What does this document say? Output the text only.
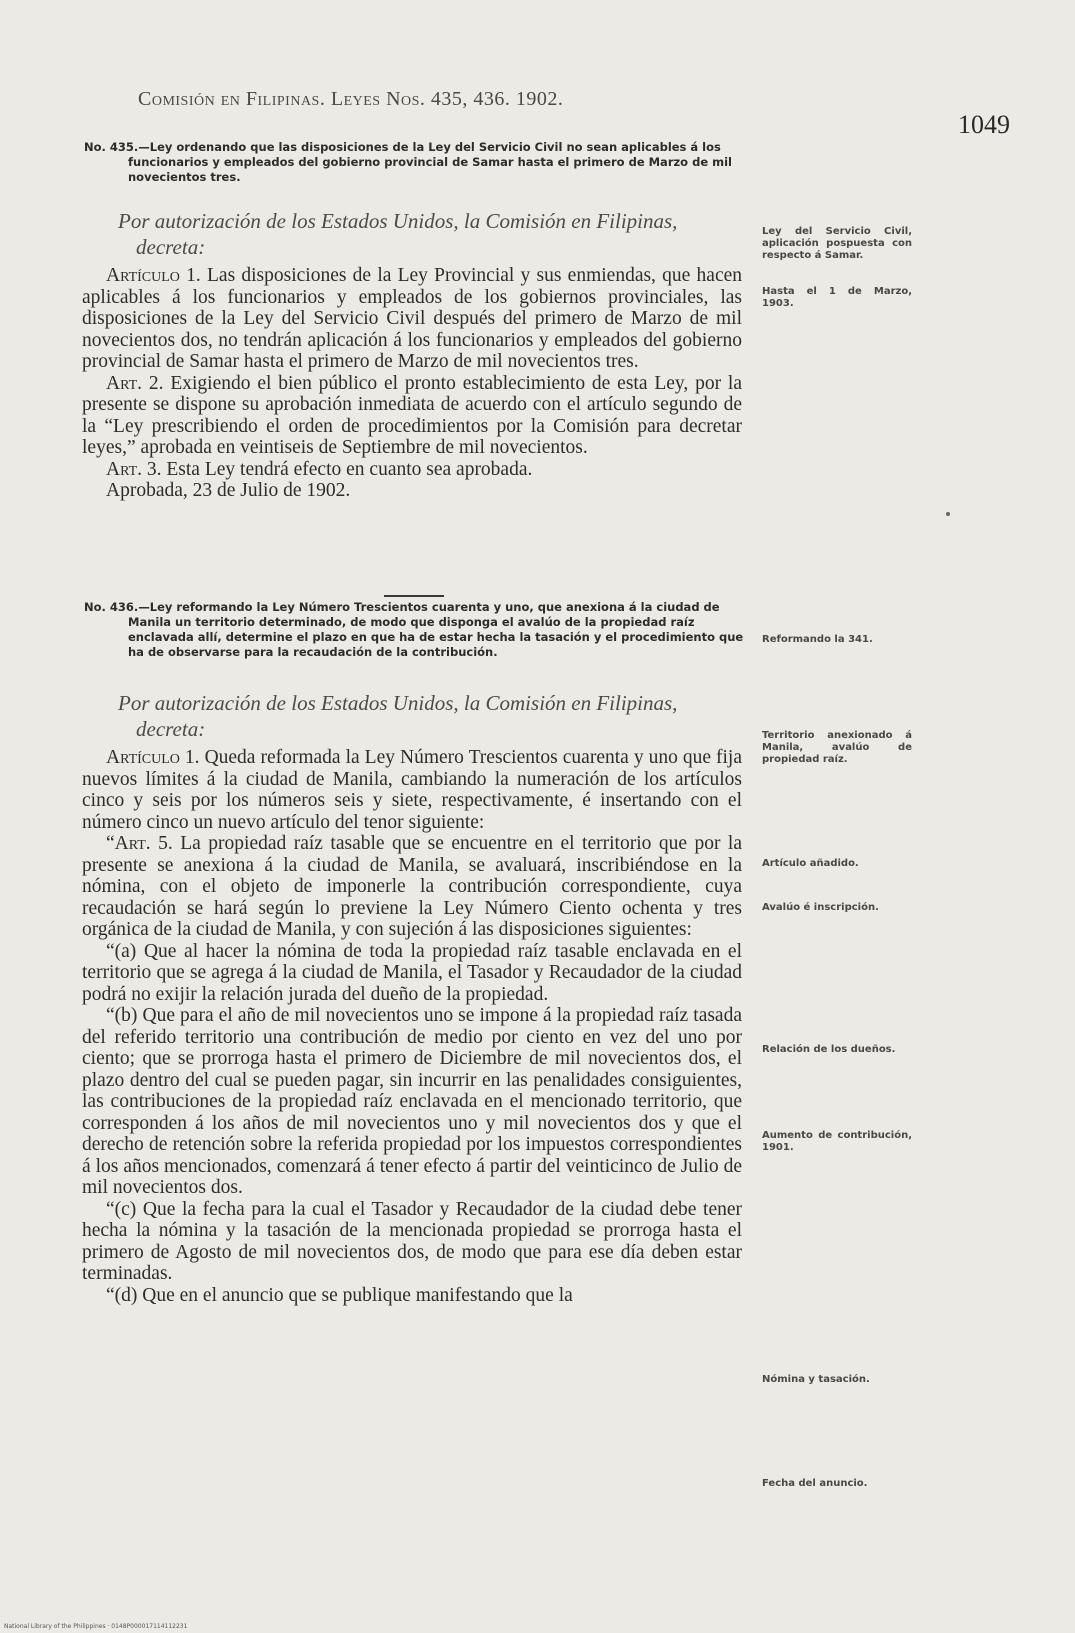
Comisión en Filipinas. Leyes Nos. 435, 436. 1902.
1049
No. 435.—Ley ordenando que las disposiciones de la Ley del Servicio Civil no sean aplicables á los funcionarios y empleados del gobierno provincial de Samar hasta el primero de Marzo de mil novecientos tres.
Por autorización de los Estados Unidos, la Comisión en Filipinas,
decreta:

Artículo 1. Las disposiciones de la Ley Provincial y sus enmiendas, que hacen aplicables á los funcionarios y empleados de los gobiernos provinciales, las disposiciones de la Ley del Servicio Civil después del primero de Marzo de mil novecientos dos, no tendrán aplicación á los funcionarios y empleados del gobierno provincial de Samar hasta el primero de Marzo de mil novecientos tres.

Art. 2. Exigiendo el bien público el pronto establecimiento de esta Ley, por la presente se dispone su aprobación inmediata de acuerdo con el artículo segundo de la “Ley prescribiendo el orden de procedimientos por la Comisión para decretar leyes,” aprobada en veintiseis de Septiembre de mil novecientos.

Art. 3. Esta Ley tendrá efecto en cuanto sea aprobada.

Aprobada, 23 de Julio de 1902.

Ley del Servicio Civil, aplicación pospuesta con respecto á Samar.
Hasta el 1 de Marzo, 1903.
No. 436.—Ley reformando la Ley Número Trescientos cuarenta y uno, que anexiona á la ciudad de Manila un territorio determinado, de modo que disponga el avalúo de la propiedad raíz enclavada allí, determine el plazo en que ha de estar hecha la tasación y el procedimiento que ha de observarse para la recaudación de la contribución.
Por autorización de los Estados Unidos, la Comisión en Filipinas,
decreta:

Artículo 1. Queda reformada la Ley Número Trescientos cuarenta y uno que fija nuevos límites á la ciudad de Manila, cambiando la numeración de los artículos cinco y seis por los números seis y siete, respectivamente, é insertando con el número cinco un nuevo artículo del tenor siguiente:

“Art. 5. La propiedad raíz tasable que se encuentre en el territorio que por la presente se anexiona á la ciudad de Manila, se avaluará, inscribiéndose en la nómina, con el objeto de imponerle la contribución correspondiente, cuya recaudación se hará según lo previene la Ley Número Ciento ochenta y tres orgánica de la ciudad de Manila, y con sujeción á las disposiciones siguientes:

“(a) Que al hacer la nómina de toda la propiedad raíz tasable enclavada en el territorio que se agrega á la ciudad de Manila, el Tasador y Recaudador de la ciudad podrá no exijir la relación jurada del dueño de la propiedad.

“(b) Que para el año de mil novecientos uno se impone á la propiedad raíz tasada del referido territorio una contribución de medio por ciento en vez del uno por ciento; que se prorroga hasta el primero de Diciembre de mil novecientos dos, el plazo dentro del cual se pueden pagar, sin incurrir en las penalidades consiguientes, las contribuciones de la propiedad raíz enclavada en el mencionado territorio, que corresponden á los años de mil novecientos uno y mil novecientos dos y que el derecho de retención sobre la referida propiedad por los impuestos correspondientes á los años mencionados, comenzará á tener efecto á partir del veinticinco de Julio de mil novecientos dos.

“(c) Que la fecha para la cual el Tasador y Recaudador de la ciudad debe tener hecha la nómina y la tasación de la mencionada propiedad se prorroga hasta el primero de Agosto de mil novecientos dos, de modo que para ese día deben estar terminadas.

“(d) Que en el anuncio que se publique manifestando que la

Reformando la 341.
Territorio anexionado á Manila, avalúo de propiedad raíz.
Artículo añadido.
Avalúo é inscripción.
Relación de los dueños.
Aumento de contribución, 1901.
Nómina y tasación.
Fecha del anuncio.
National Library of the Philippines · 0148P000017114112231
